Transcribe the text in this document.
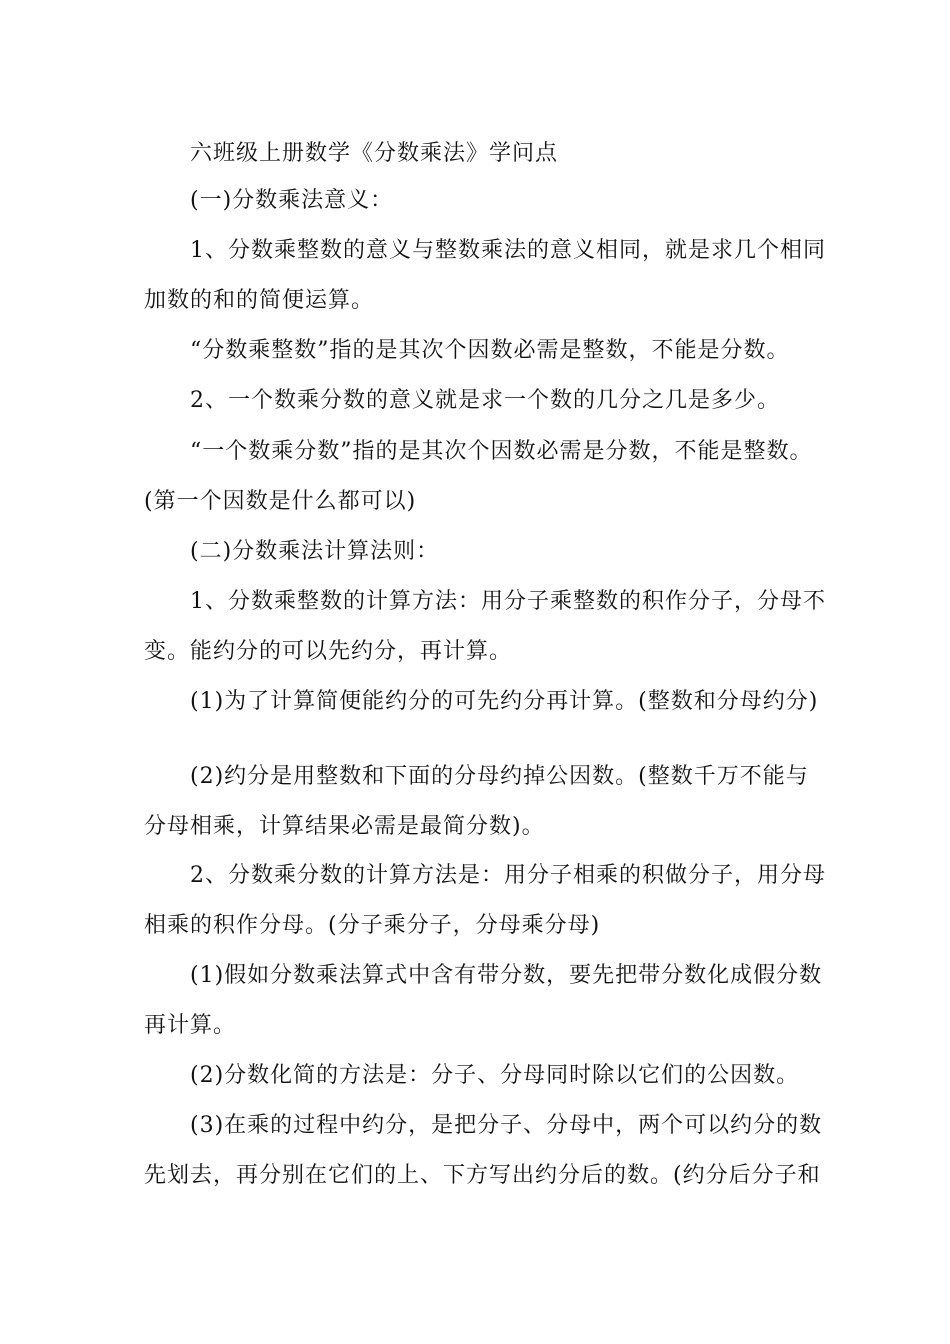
六班级上册数学《分数乘法》学问点
(一)分数乘法意义：
1、分数乘整数的意义与整数乘法的意义相同，就是求几个相同
加数的和的简便运算。
“分数乘整数”指的是其次个因数必需是整数，不能是分数。
2、一个数乘分数的意义就是求一个数的几分之几是多少。
“一个数乘分数”指的是其次个因数必需是分数，不能是整数。
(第一个因数是什么都可以)
(二)分数乘法计算法则：
1、分数乘整数的计算方法：用分子乘整数的积作分子，分母不
变。能约分的可以先约分，再计算。
(1)为了计算简便能约分的可先约分再计算。(整数和分母约分)
(2)约分是用整数和下面的分母约掉公因数。(整数千万不能与
分母相乘，计算结果必需是最简分数)。
2、分数乘分数的计算方法是：用分子相乘的积做分子，用分母
相乘的积作分母。(分子乘分子，分母乘分母)
(1)假如分数乘法算式中含有带分数，要先把带分数化成假分数
再计算。
(2)分数化简的方法是：分子、分母同时除以它们的公因数。
(3)在乘的过程中约分，是把分子、分母中，两个可以约分的数
先划去，再分别在它们的上、下方写出约分后的数。(约分后分子和
